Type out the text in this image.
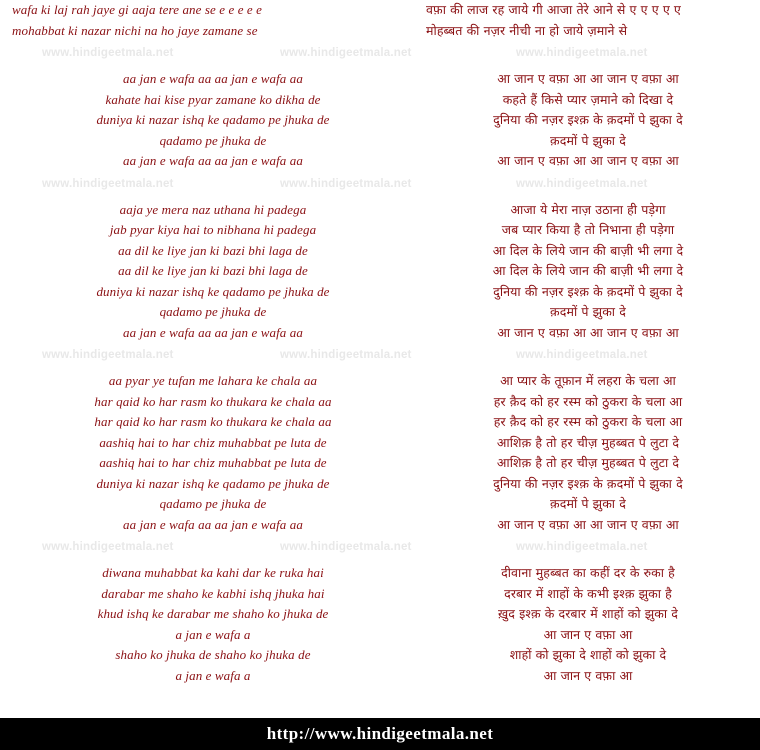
wafa ki laj rah jaye gi aaja tere ane se e e e e e
mohabbat ki nazar nichi na ho jaye zamane se
वफ़ा की लाज रह जाये गी आजा तेरे आने से ए ए ए ए ए
मोहब्बत की नज़र नीची ना हो जाये ज़माने से
www.hindigeetmala.net	www.hindigeetmala.net	www.hindigeetmala.net
aa jan e wafa aa aa jan e wafa aa
kahate hai kise pyar zamane ko dikha de
duniya ki nazar ishq ke qadamo pe jhuka de
qadamo pe jhuka de
aa jan e wafa aa aa jan e wafa aa
आ जान ए वफ़ा आ आ जान ए वफ़ा आ
कहते हैं किसे प्यार ज़माने को दिखा दे
दुनिया की नज़र इश्क़ के क़दमों पे झुका दे
क़दमों पे झुका दे
आ जान ए वफ़ा आ आ जान ए वफ़ा आ
www.hindigeetmala.net	www.hindigeetmala.net	www.hindigeetmala.net
aaja ye mera naz uthana hi padega
jab pyar kiya hai to nibhana hi padega
aa dil ke liye jan ki bazi bhi laga de
aa dil ke liye jan ki bazi bhi laga de
duniya ki nazar ishq ke qadamo pe jhuka de
qadamo pe jhuka de
aa jan e wafa aa aa jan e wafa aa
आजा ये मेरा नाज़ उठाना ही पड़ेगा
जब प्यार किया है तो निभाना ही पड़ेगा
आ दिल के लिये जान की बाज़ी भी लगा दे
आ दिल के लिये जान की बाज़ी भी लगा दे
दुनिया की नज़र इश्क़ के क़दमों पे झुका दे
क़दमों पे झुका दे
आ जान ए वफ़ा आ आ जान ए वफ़ा आ
www.hindigeetmala.net	www.hindigeetmala.net	www.hindigeetmala.net
aa pyar ye tufan me lahara ke chala aa
har qaid ko har rasm ko thukara ke chala aa
har qaid ko har rasm ko thukara ke chala aa
aashiq hai to har chiz muhabbat pe luta de
aashiq hai to har chiz muhabbat pe luta de
duniya ki nazar ishq ke qadamo pe jhuka de
qadamo pe jhuka de
aa jan e wafa aa aa jan e wafa aa
आ प्यार के तूफ़ान में लहरा के चला आ
हर क़ैद को हर रस्म को ठुकरा के चला आ
हर क़ैद को हर रस्म को ठुकरा के चला आ
आशिक़ है तो हर चीज़ मुहब्बत पे लुटा दे
आशिक़ है तो हर चीज़ मुहब्बत पे लुटा दे
दुनिया की नज़र इश्क़ के क़दमों पे झुका दे
क़दमों पे झुका दे
आ जान ए वफ़ा आ आ जान ए वफ़ा आ
www.hindigeetmala.net	www.hindigeetmala.net	www.hindigeetmala.net
diwana muhabbat ka kahi dar ke ruka hai
darabar me shaho ke kabhi ishq jhuka hai
khud ishq ke darabar me shaho ko jhuka de
a jan e wafa a
shaho ko jhuka de shaho ko jhuka de
a jan e wafa a
दीवाना मुहब्बत का कहीं दर के रुका है
दरबार में शाहों के कभी इश्क़ झुका है
ख़ुद इश्क़ के दरबार में शाहों को झुका दे
आ जान ए वफ़ा आ
शाहों को झुका दे शाहों को झुका दे
आ जान ए वफ़ा आ
http://www.hindigeetmala.net
